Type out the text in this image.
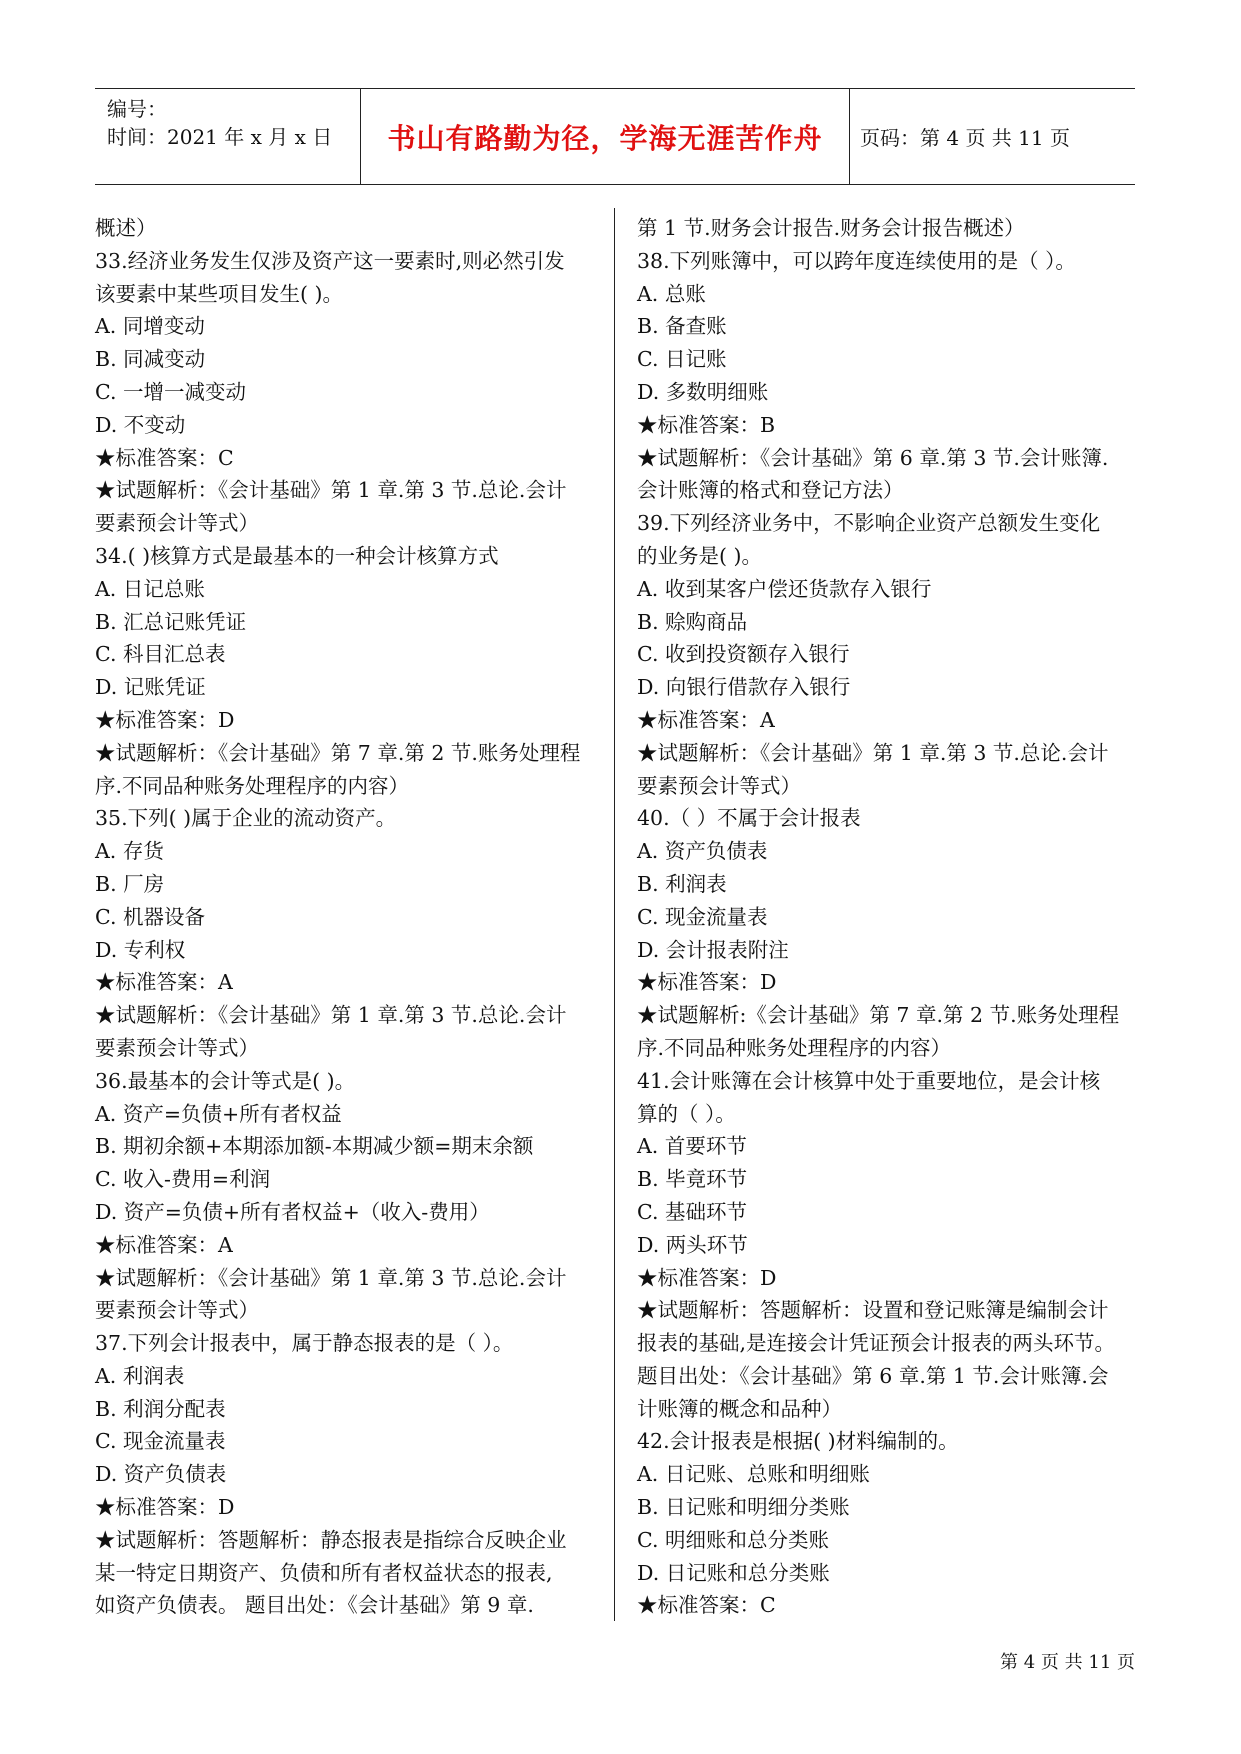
编号：
时间：2021 年 x 月 x 日 书山有路勤为径，学海无涯苦作舟 页码：第 4 页 共 11 页
概述）
33.经济业务发生仅涉及资产这一要素时,则必然引发
该要素中某些项目发生( )。
A. 同增变动
B. 同减变动
C. 一增一减变动
D. 不变动
★标准答案：C
★试题解析：《会计基础》第 1 章.第 3 节.总论.会计
要素预会计等式）
34.( )核算方式是最基本的一种会计核算方式
A. 日记总账
B. 汇总记账凭证
C. 科目汇总表
D. 记账凭证
★标准答案：D
★试题解析：《会计基础》第 7 章.第 2 节.账务处理程
序.不同品种账务处理程序的内容）
35.下列( )属于企业的流动资产。
A. 存货
B. 厂房
C. 机器设备
D. 专利权
★标准答案：A
★试题解析：《会计基础》第 1 章.第 3 节.总论.会计
要素预会计等式）
36.最基本的会计等式是( )。
A. 资产=负债+所有者权益
B. 期初余额+本期添加额-本期减少额=期末余额
C. 收入-费用=利润
D. 资产=负债+所有者权益+（收入-费用）
★标准答案：A
★试题解析：《会计基础》第 1 章.第 3 节.总论.会计
要素预会计等式）
37.下列会计报表中，属于静态报表的是（ ）。
A. 利润表
B. 利润分配表
C. 现金流量表
D. 资产负债表
★标准答案：D
★试题解析：答题解析：静态报表是指综合反映企业
某一特定日期资产、负债和所有者权益状态的报表,
如资产负债表。 题目出处：《会计基础》第 9 章.
第 1 节.财务会计报告.财务会计报告概述）
38.下列账簿中，可以跨年度连续使用的是（ ）。
A. 总账
B. 备查账
C. 日记账
D. 多数明细账
★标准答案：B
★试题解析：《会计基础》第 6 章.第 3 节.会计账簿.
会计账簿的格式和登记方法）
39.下列经济业务中，不影响企业资产总额发生变化
的业务是( )。
A. 收到某客户偿还货款存入银行
B. 赊购商品
C. 收到投资额存入银行
D. 向银行借款存入银行
★标准答案：A
★试题解析：《会计基础》第 1 章.第 3 节.总论.会计
要素预会计等式）
40.（ ）不属于会计报表
A. 资产负债表
B. 利润表
C. 现金流量表
D. 会计报表附注
★标准答案：D
★试题解析:《会计基础》第 7 章.第 2 节.账务处理程
序.不同品种账务处理程序的内容）
41.会计账簿在会计核算中处于重要地位，是会计核
算的（ ）。
A. 首要环节
B. 毕竟环节
C. 基础环节
D. 两头环节
★标准答案：D
★试题解析：答题解析：设置和登记账簿是编制会计
报表的基础,是连接会计凭证预会计报表的两头环节。
题目出处：《会计基础》第 6 章.第 1 节.会计账簿.会
计账簿的概念和品种）
42.会计报表是根据( )材料编制的。
A. 日记账、总账和明细账
B. 日记账和明细分类账
C. 明细账和总分类账
D. 日记账和总分类账
★标准答案：C
第 4 页 共 11 页
